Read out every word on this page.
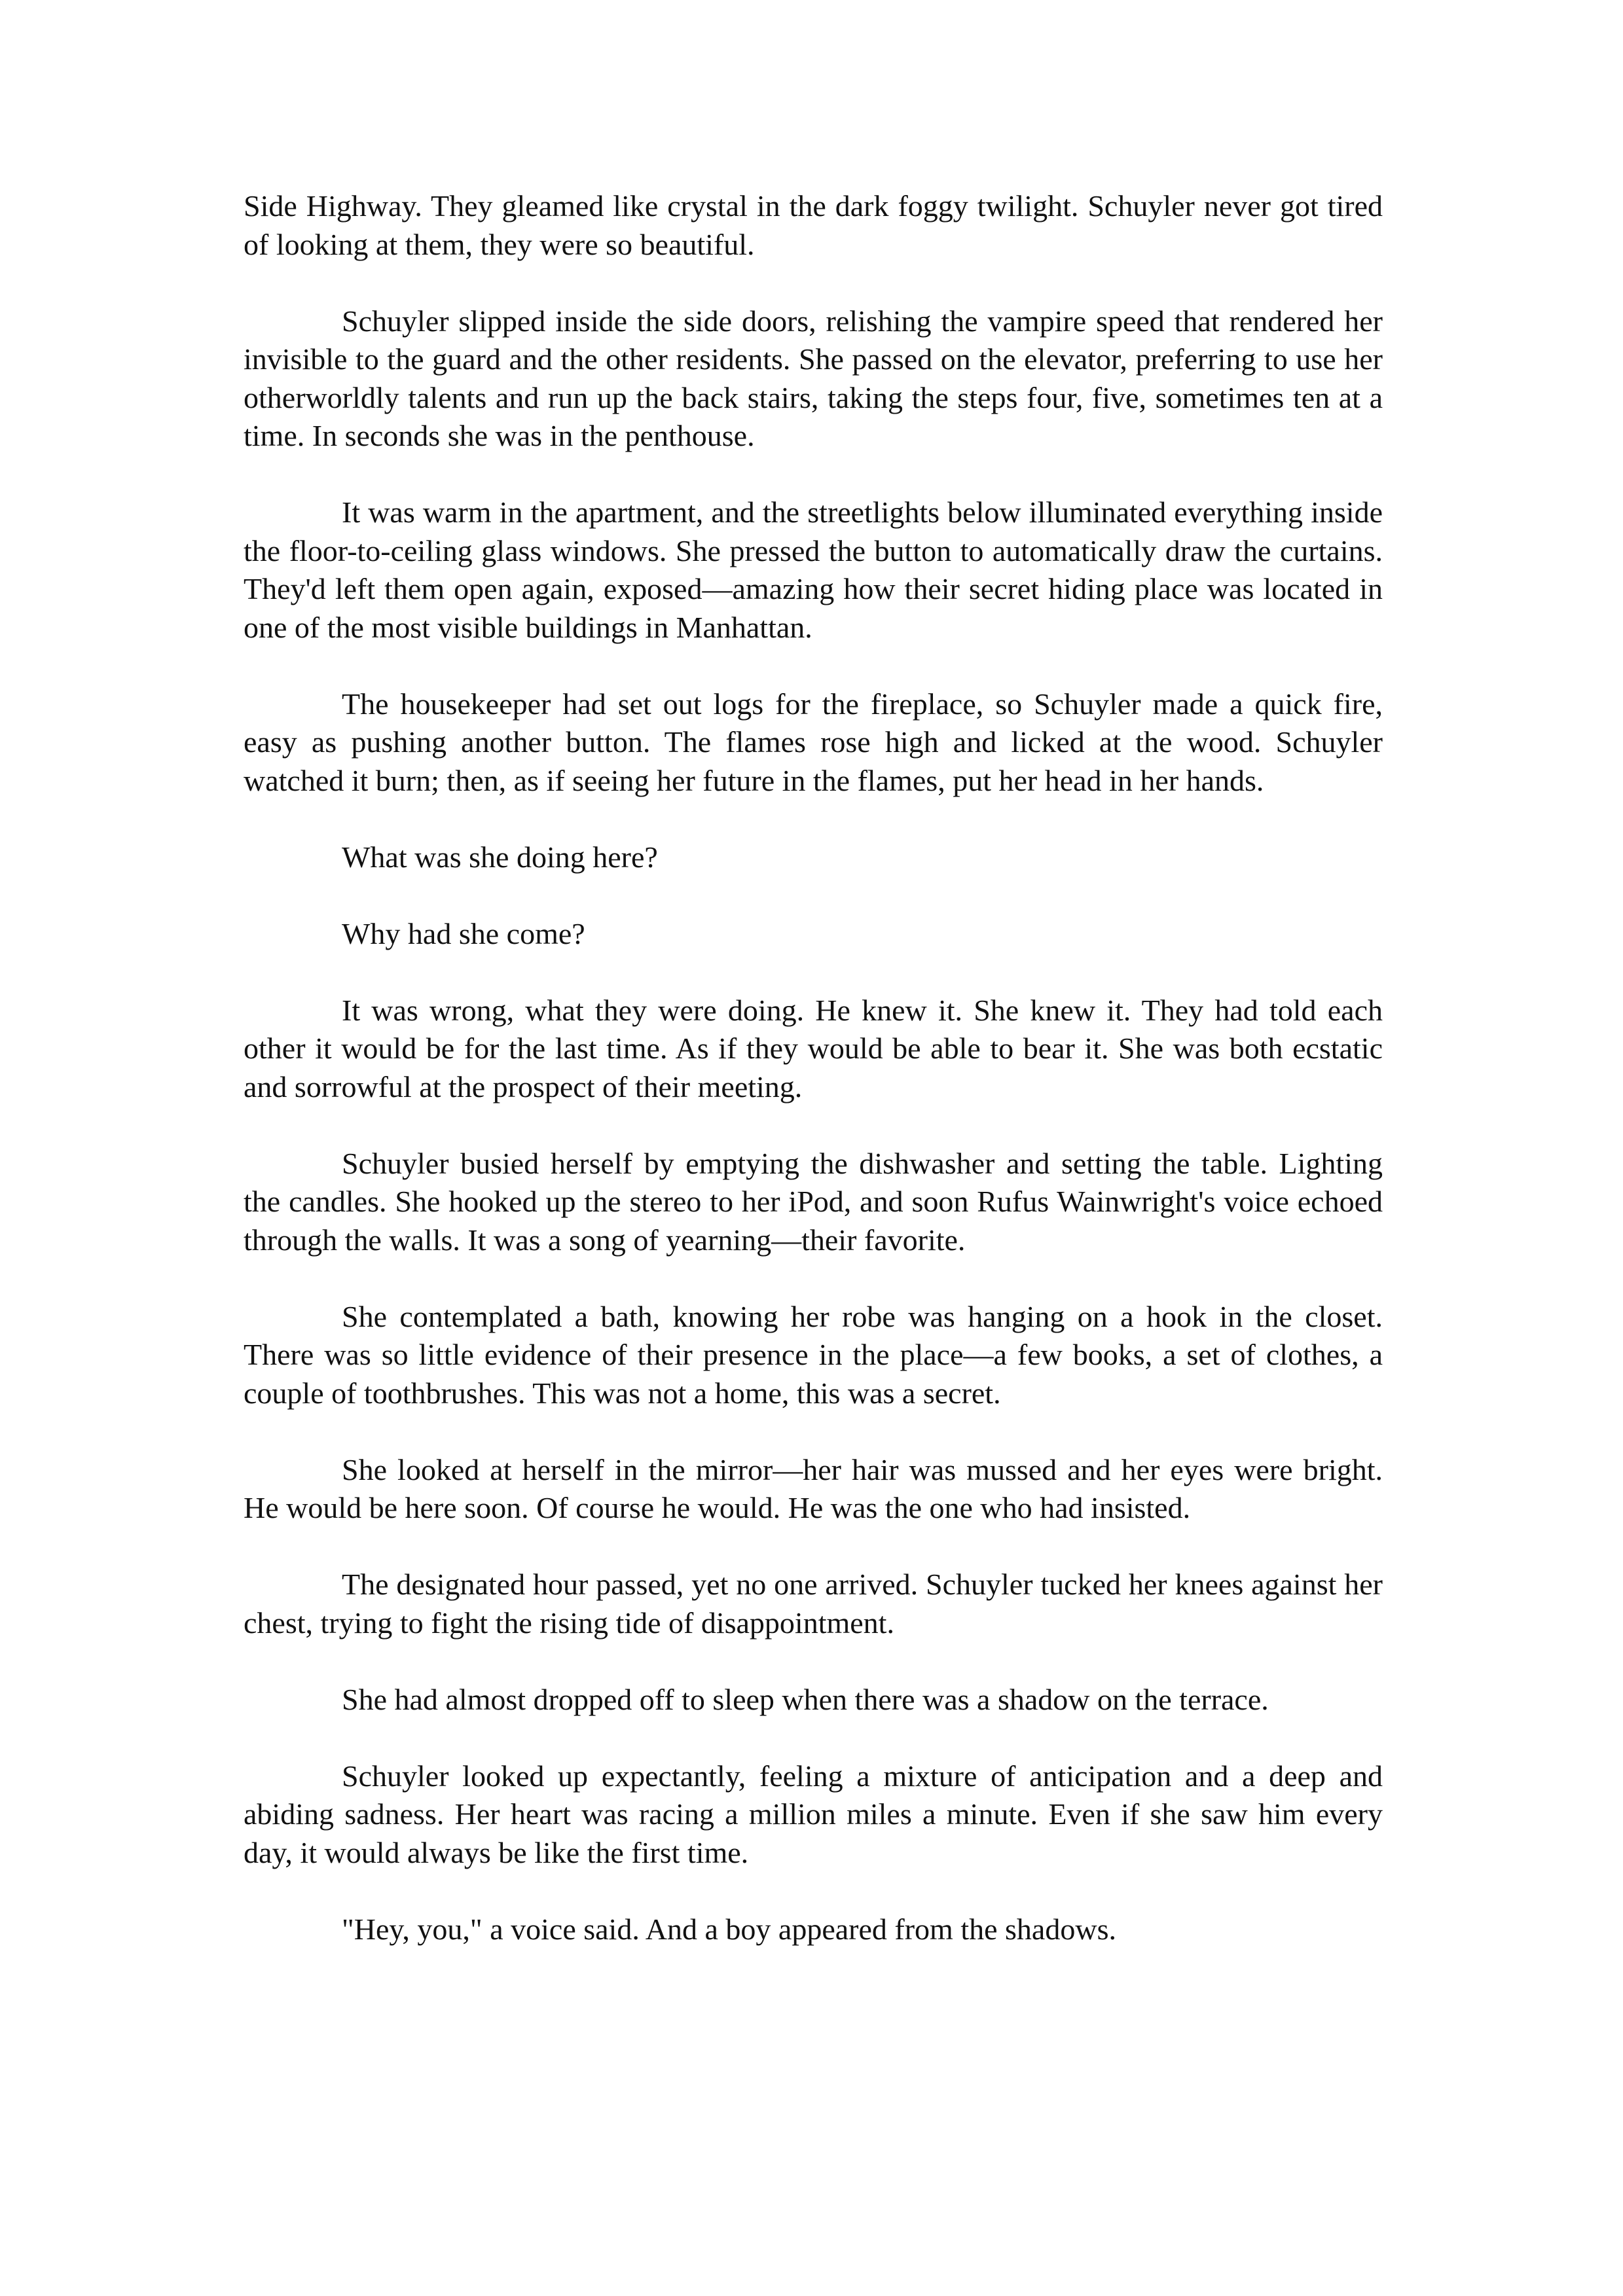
Side Highway. They gleamed like crystal in the dark foggy twilight. Schuyler never got tired of looking at them, they were so beautiful.

Schuyler slipped inside the side doors, relishing the vampire speed that rendered her invisible to the guard and the other residents. She passed on the elevator, preferring to use her otherworldly talents and run up the back stairs, taking the steps four, five, sometimes ten at a time. In seconds she was in the penthouse.

It was warm in the apartment, and the streetlights below illuminated everything inside the floor-to-ceiling glass windows. She pressed the button to automatically draw the curtains. They'd left them open again, exposed—amazing how their secret hiding place was located in one of the most visible buildings in Manhattan.

The housekeeper had set out logs for the fireplace, so Schuyler made a quick fire, easy as pushing another button. The flames rose high and licked at the wood. Schuyler watched it burn; then, as if seeing her future in the flames, put her head in her hands.

What was she doing here?

Why had she come?

It was wrong, what they were doing. He knew it. She knew it. They had told each other it would be for the last time. As if they would be able to bear it. She was both ecstatic and sorrowful at the prospect of their meeting.

Schuyler busied herself by emptying the dishwasher and setting the table. Lighting the candles. She hooked up the stereo to her iPod, and soon Rufus Wainwright's voice echoed through the walls. It was a song of yearning—their favorite.

She contemplated a bath, knowing her robe was hanging on a hook in the closet. There was so little evidence of their presence in the place—a few books, a set of clothes, a couple of toothbrushes. This was not a home, this was a secret.

She looked at herself in the mirror—her hair was mussed and her eyes were bright. He would be here soon. Of course he would. He was the one who had insisted.

The designated hour passed, yet no one arrived. Schuyler tucked her knees against her chest, trying to fight the rising tide of disappointment.

She had almost dropped off to sleep when there was a shadow on the terrace.

Schuyler looked up expectantly, feeling a mixture of anticipation and a deep and abiding sadness. Her heart was racing a million miles a minute. Even if she saw him every day, it would always be like the first time.

"Hey, you," a voice said. And a boy appeared from the shadows.
